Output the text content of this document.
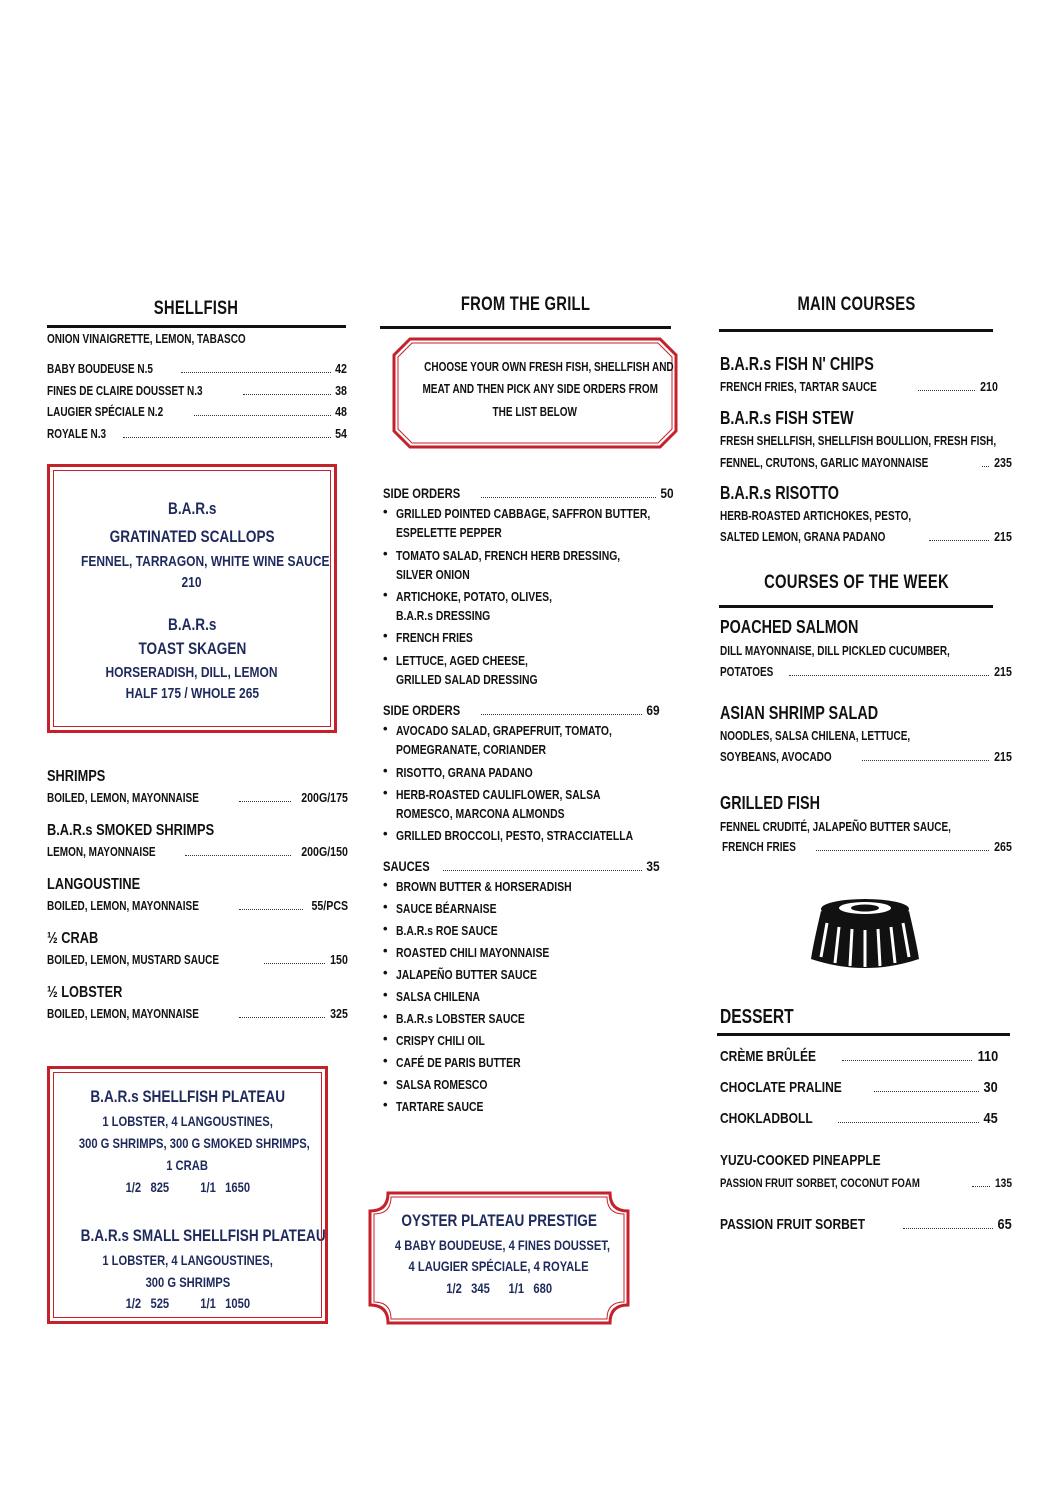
SHELLFISH
ONION VINAIGRETTE, LEMON, TABASCO
BABY BOUDEUSE N.5	42
FINES DE CLAIRE DOUSSET N.3	38
LAUGIER SPÉCIALE N.2	48
ROYALE N.3	54
B.A.R.s
GRATINATED SCALLOPS
FENNEL, TARRAGON, WHITE WINE SAUCE
210
B.A.R.s
TOAST SKAGEN
HORSERADISH, DILL, LEMON
HALF 175 / WHOLE 265
SHRIMPS
BOILED, LEMON, MAYONNAISE	200G/175
B.A.R.s SMOKED SHRIMPS
LEMON, MAYONNAISE	200G/150
LANGOUSTINE
BOILED, LEMON, MAYONNAISE	55/PCS
½ CRAB
BOILED, LEMON, MUSTARD SAUCE	150
½ LOBSTER
BOILED, LEMON, MAYONNAISE	325
B.A.R.s SHELLFISH PLATEAU
1 LOBSTER, 4 LANGOUSTINES,
300 G SHRIMPS, 300 G SMOKED SHRIMPS,
1 CRAB
1/2   825          1/1   1650
B.A.R.s SMALL SHELLFISH PLATEAU
1 LOBSTER, 4 LANGOUSTINES,
300 G SHRIMPS
1/2   525          1/1   1050
FROM THE GRILL
CHOOSE YOUR OWN FRESH FISH, SHELLFISH AND
MEAT AND THEN PICK ANY SIDE ORDERS FROM
THE LIST BELOW
SIDE ORDERS	50
• GRILLED POINTED CABBAGE, SAFFRON BUTTER,
ESPELETTE PEPPER
• TOMATO SALAD, FRENCH HERB DRESSING,
SILVER ONION
• ARTICHOKE, POTATO, OLIVES,
B.A.R.s DRESSING
• FRENCH FRIES
• LETTUCE, AGED CHEESE,
GRILLED SALAD DRESSING
SIDE ORDERS	69
• AVOCADO SALAD, GRAPEFRUIT, TOMATO,
POMEGRANATE, CORIANDER
• RISOTTO, GRANA PADANO
• HERB-ROASTED CAULIFLOWER, SALSA
ROMESCO, MARCONA ALMONDS
• GRILLED BROCCOLI, PESTO, STRACCIATELLA
SAUCES	35
• BROWN BUTTER & HORSERADISH
• SAUCE BÉARNAISE
• B.A.R.s ROE SAUCE
• ROASTED CHILI MAYONNAISE
• JALAPEÑO BUTTER SAUCE
• SALSA CHILENA
• B.A.R.s LOBSTER SAUCE
• CRISPY CHILI OIL
• CAFÉ DE PARIS BUTTER
• SALSA ROMESCO
• TARTARE SAUCE
OYSTER PLATEAU PRESTIGE
4 BABY BOUDEUSE, 4 FINES DOUSSET,
4 LAUGIER SPÉCIALE, 4 ROYALE
1/2   345      1/1   680
MAIN COURSES
B.A.R.s FISH N' CHIPS
FRENCH FRIES, TARTAR SAUCE	210
B.A.R.s FISH STEW
FRESH SHELLFISH, SHELLFISH BOULLION, FRESH FISH,
FENNEL, CRUTONS, GARLIC MAYONNAISE	235
B.A.R.s RISOTTO
HERB-ROASTED ARTICHOKES, PESTO,
SALTED LEMON, GRANA PADANO	215
COURSES OF THE WEEK
POACHED SALMON
DILL MAYONNAISE, DILL PICKLED CUCUMBER,
POTATOES	215
ASIAN SHRIMP SALAD
NOODLES, SALSA CHILENA, LETTUCE,
SOYBEANS, AVOCADO	215
GRILLED FISH
FENNEL CRUDITÉ, JALAPEÑO BUTTER SAUCE,
FRENCH FRIES	265
DESSERT
CRÈME BRÛLÉE	110
CHOCLATE PRALINE	30
CHOKLADBOLL	45
YUZU-COOKED PINEAPPLE
PASSION FRUIT SORBET, COCONUT FOAM	135
PASSION FRUIT SORBET	65
